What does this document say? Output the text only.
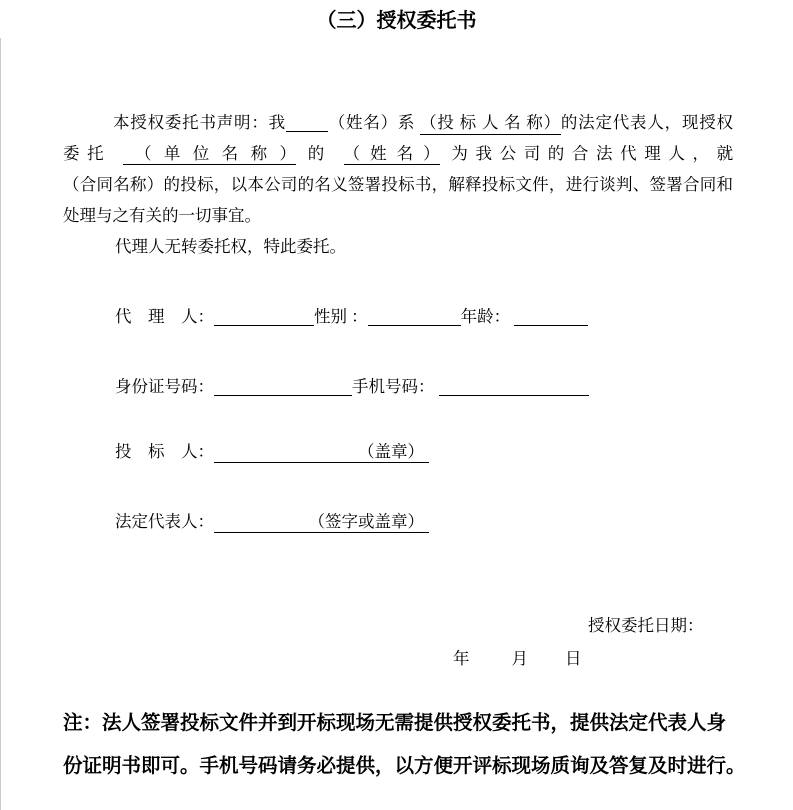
（三）授权委托书
本授权委托书声明：我	（姓名）系 （投 标 人 名 称）的法定代表人，现授权
委托 （单位名称） 的 （姓名） 为我公司的合法代理人，就
（合同名称）的投标，以本公司的名义签署投标书，解释投标文件，进行谈判、签署合同和
处理与之有关的一切事宜。
代理人无转委托权，特此委托。
代　理　人：	性别 ：	年龄：
身份证号码：	手机号码：
投　标　人：	（盖章）
法定代表人：	（签字或盖章）
授权委托日期：
年	月 日
注：法人签署投标文件并到开标现场无需提供授权委托书，提供法定代表人身
份证明书即可。手机号码请务必提供，以方便开评标现场质询及答复及时进行。
